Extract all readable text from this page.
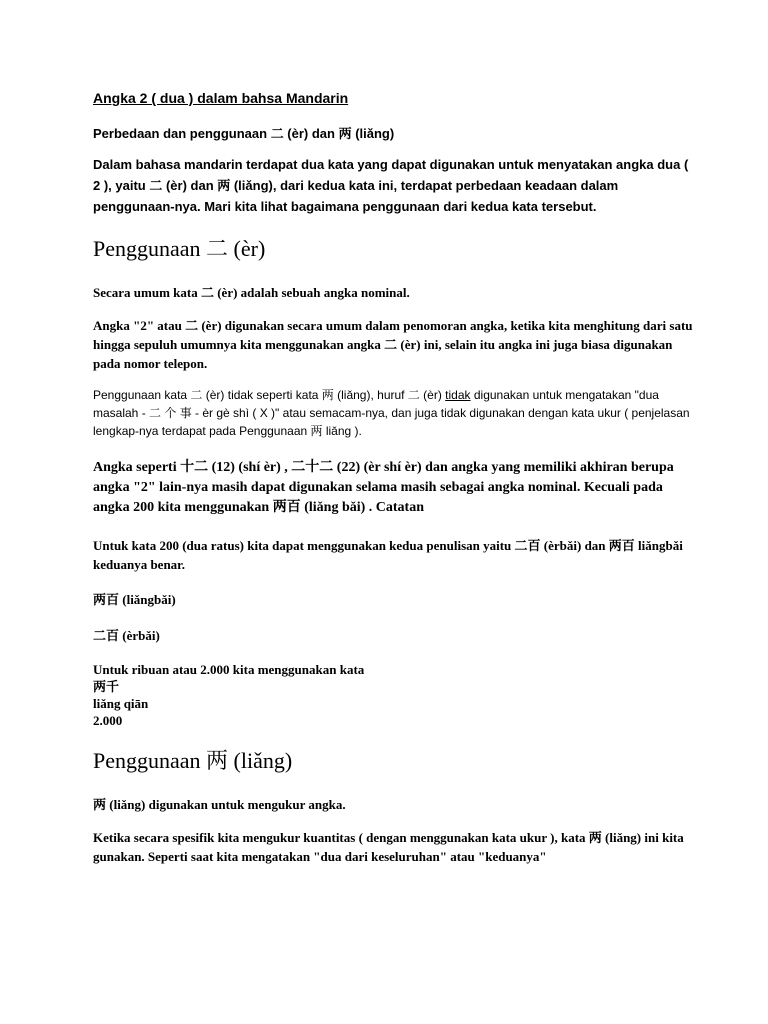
Angka 2 ( dua ) dalam bahsa Mandarin

Perbedaan dan penggunaan 二 (èr) dan 两 (liǎng)

Dalam bahasa mandarin terdapat dua kata yang dapat digunakan untuk menyatakan angka dua ( 2 ), yaitu 二 (èr) dan 两 (liǎng), dari kedua kata ini, terdapat perbedaan keadaan dalam penggunaan-nya. Mari kita lihat bagaimana penggunaan dari kedua kata tersebut.

Penggunaan 二 (èr)

Secara umum kata 二 (èr) adalah sebuah angka nominal.

Angka "2" atau 二 (èr) digunakan secara umum dalam penomoran angka, ketika kita menghitung dari satu hingga sepuluh umumnya kita menggunakan angka 二 (èr) ini, selain itu angka ini juga biasa digunakan pada nomor telepon.

Penggunaan kata 二 (èr) tidak seperti kata 两 (liǎng), huruf 二 (èr) tidak digunakan untuk mengatakan "dua masalah - 二 个 事 - èr gè shì ( X )" atau semacam-nya, dan juga tidak digunakan dengan kata ukur ( penjelasan lengkap-nya terdapat pada Penggunaan 两 liǎng ).

Angka seperti 十二 (12) (shí èr) , 二十二 (22) (èr shí èr) dan angka yang memiliki akhiran berupa angka "2" lain-nya masih dapat digunakan selama masih sebagai angka nominal. Kecuali pada angka 200 kita menggunakan 两百 (liǎng bǎi) . Catatan

Untuk kata 200 (dua ratus) kita dapat menggunakan kedua penulisan yaitu 二百 (èrbǎi) dan 两百 liǎngbǎi keduanya benar.

两百 (liǎngbǎi)

二百 (èrbǎi)

Untuk ribuan atau 2.000 kita menggunakan kata
两千
liǎng qiān
2.000

Penggunaan 两 (liǎng)

两 (liǎng) digunakan untuk mengukur angka.

Ketika secara spesifik kita mengukur kuantitas ( dengan menggunakan kata ukur ), kata 两 (liǎng) ini kita gunakan. Seperti saat kita mengatakan "dua dari keseluruhan" atau "keduanya"
